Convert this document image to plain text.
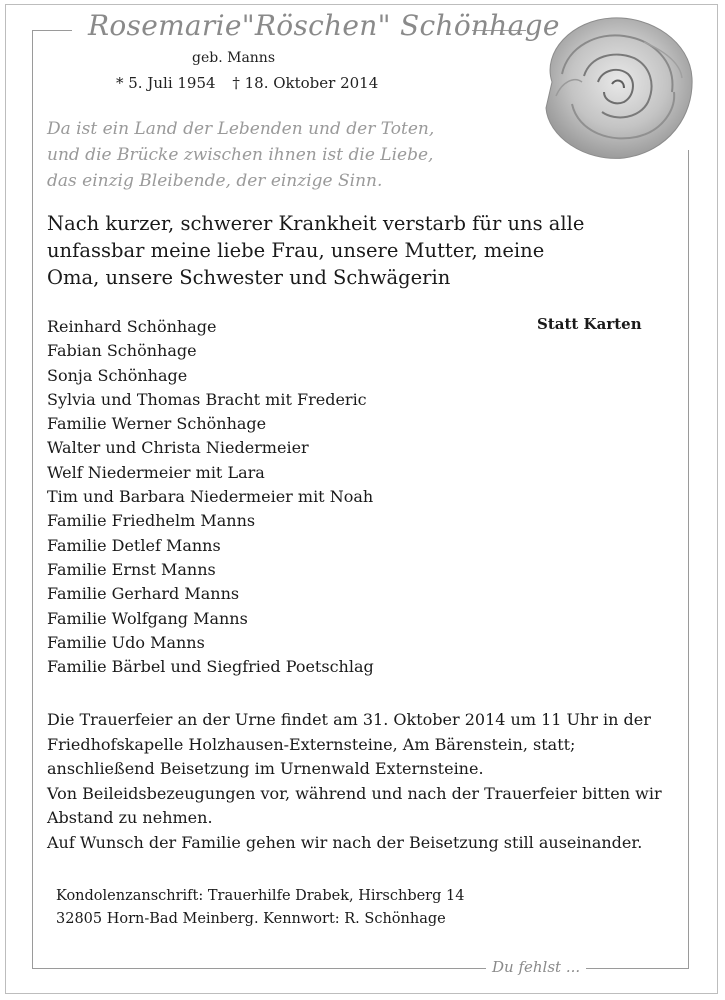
Rosemarie"Röschen" Schönhage
geb. Manns
* 5. Juli 1954 † 18. Oktober 2014
Da ist ein Land der Lebenden und der Toten,
und die Brücke zwischen ihnen ist die Liebe,
das einzig Bleibende, der einzige Sinn.
Nach kurzer, schwerer Krankheit verstarb für uns alle
unfassbar meine liebe Frau, unsere Mutter, meine
Oma, unsere Schwester und Schwägerin
Statt Karten
Reinhard Schönhage
Fabian Schönhage
Sonja Schönhage
Sylvia und Thomas Bracht mit Frederic
Familie Werner Schönhage
Walter und Christa Niedermeier
Welf Niedermeier mit Lara
Tim und Barbara Niedermeier mit Noah
Familie Friedhelm Manns
Familie Detlef Manns
Familie Ernst Manns
Familie Gerhard Manns
Familie Wolfgang Manns
Familie Udo Manns
Familie Bärbel und Siegfried Poetschlag
Die Trauerfeier an der Urne findet am 31. Oktober 2014 um 11 Uhr in der
Friedhofskapelle Holzhausen-Externsteine, Am Bärenstein, statt;
anschließend Beisetzung im Urnenwald Externsteine.
Von Beileidsbezeugungen vor, während und nach der Trauerfeier bitten wir
Abstand zu nehmen.
Auf Wunsch der Familie gehen wir nach der Beisetzung still auseinander.
Kondolenzanschrift: Trauerhilfe Drabek, Hirschberg 14
32805 Horn-Bad Meinberg. Kennwort: R. Schönhage
Du fehlst ...
